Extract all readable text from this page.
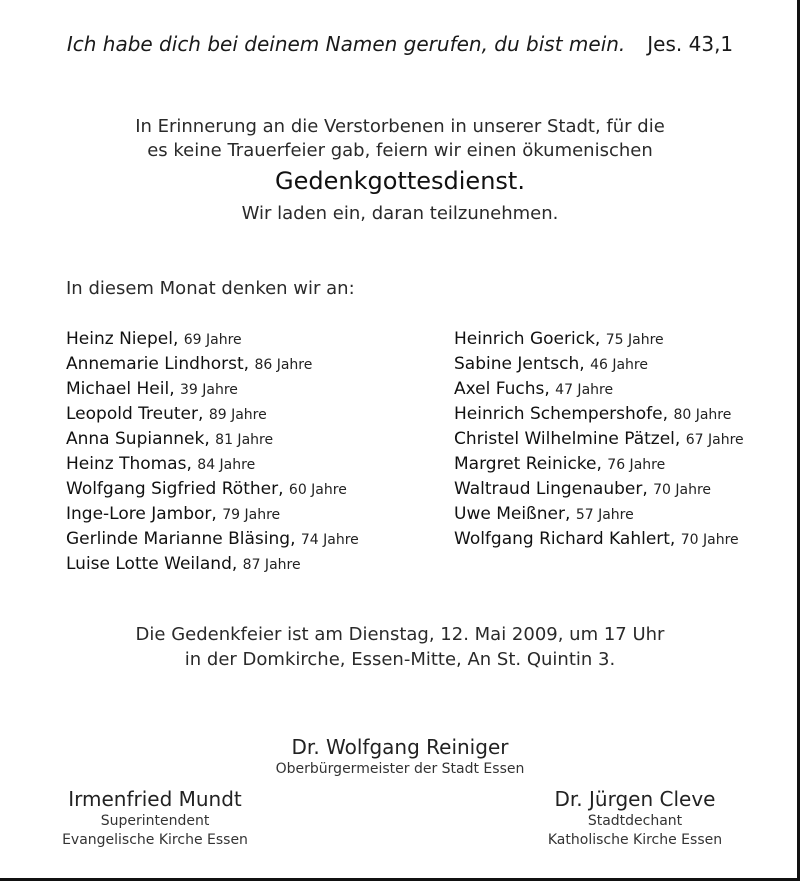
Ich habe dich bei deinem Namen gerufen, du bist mein. Jes. 43,1
In Erinnerung an die Verstorbenen in unserer Stadt, für die
es keine Trauerfeier gab, feiern wir einen ökumenischen
Gedenkgottesdienst.
Wir laden ein, daran teilzunehmen.
In diesem Monat denken wir an:
Heinz Niepel, 69 Jahre
Annemarie Lindhorst, 86 Jahre
Michael Heil, 39 Jahre
Leopold Treuter, 89 Jahre
Anna Supiannek, 81 Jahre
Heinz Thomas, 84 Jahre
Wolfgang Sigfried Röther, 60 Jahre
Inge-Lore Jambor, 79 Jahre
Gerlinde Marianne Bläsing, 74 Jahre
Luise Lotte Weiland, 87 Jahre
Heinrich Goerick, 75 Jahre
Sabine Jentsch, 46 Jahre
Axel Fuchs, 47 Jahre
Heinrich Schempershofe, 80 Jahre
Christel Wilhelmine Pätzel, 67 Jahre
Margret Reinicke, 76 Jahre
Waltraud Lingenauber, 70 Jahre
Uwe Meißner, 57 Jahre
Wolfgang Richard Kahlert, 70 Jahre
Die Gedenkfeier ist am Dienstag, 12. Mai 2009, um 17 Uhr
in der Domkirche, Essen-Mitte, An St. Quintin 3.
Dr. Wolfgang Reiniger
Oberbürgermeister der Stadt Essen
Irmenfried Mundt
Superintendent
Evangelische Kirche Essen
Dr. Jürgen Cleve
Stadtdechant
Katholische Kirche Essen
